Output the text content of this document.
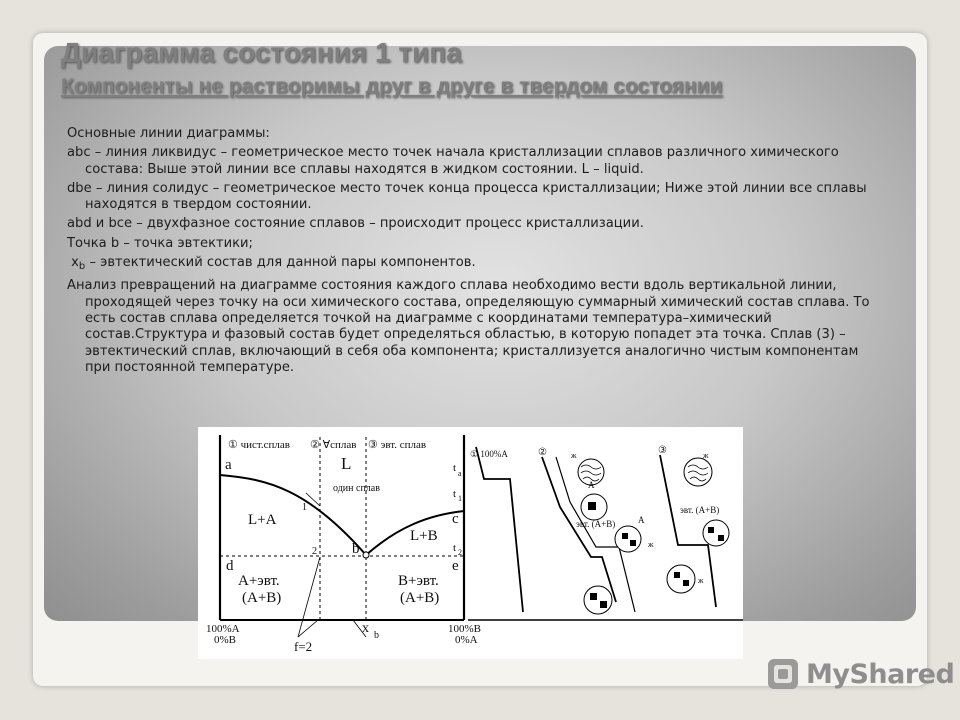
Диаграмма состояния 1 типа
Компоненты не растворимы друг в друге в твердом состоянии

Основные линии диаграммы:

abc – линия ликвидус – геометрическое место точек начала кристаллизации сплавов различного химического состава: Выше этой линии все сплавы находятся в жидком состоянии. L – liquid.

dbe – линия солидус – геометрическое место точек конца процесса кристаллизации; Ниже этой линии все сплавы находятся в твердом состоянии.

abd и bce – двухфазное состояние сплавов – происходит процесс кристаллизации.

Точка b – точка эвтектики;

$x_b$ – эвтектический состав для данной пары компонентов.

Анализ превращений на диаграмме состояния каждого сплава необходимо вести вдоль вертикальной линии, проходящей через точку на оси химического состава, определяющую суммарный химический состав сплава. То есть состав сплава определяется точкой на диаграмме с координатами температура–химический состав.Структура и фазовый состав будет определяться областью, в которую попадет эта точка. Сплав (3) – эвтектический сплав, включающий в себя оба компонента; кристаллизуется аналогично чистым компонентам при постоянной температуре.

① чист.сплав ② ∀сплав ③ эвт. сплав
L
L+A
L+B
A+эвт.
(A+B)
B+эвт.
(A+B)
один сплав
a
b
c
d	e
1
2
100%A
0%B
100%B
0%A
x b
f=2
① 100%A
t a
t 1
t 2
②	ж
A
A
эвт. (A+B)
ж
③	ж
эвт. (A+B)
ж
MyShared
